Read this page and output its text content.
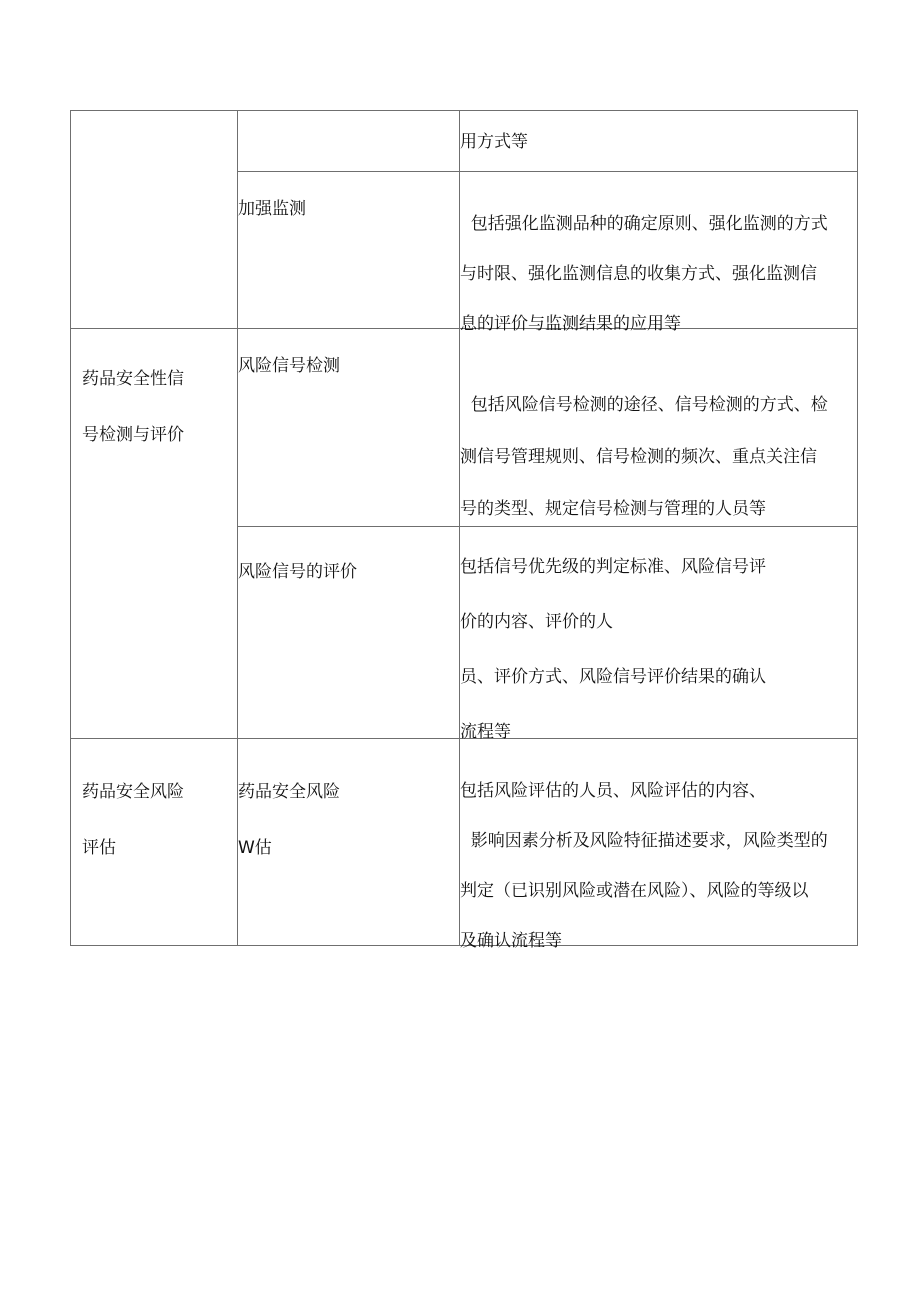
用方式等
加强监测
包括强化监测品种的确定原则、强化监测的方式
与时限、强化监测信息的收集方式、强化监测信
息的评价与监测结果的应用等
药品安全性信
号检测与评价
风险信号检测
包括风险信号检测的途径、信号检测的方式、检
测信号管理规则、信号检测的频次、重点关注信
号的类型、规定信号检测与管理的人员等
风险信号的评价	包括信号优先级的判定标准、风险信号评
价的内容、评价的人
员、评价方式、风险信号评价结果的确认
流程等
药品安全风险
评估
药品安全风险
W估
包括风险评估的人员、风险评估的内容、
影响因素分析及风险特征描述要求，风险类型的
判定（已识别风险或潜在风险）、风险的等级以
及确认流程等
